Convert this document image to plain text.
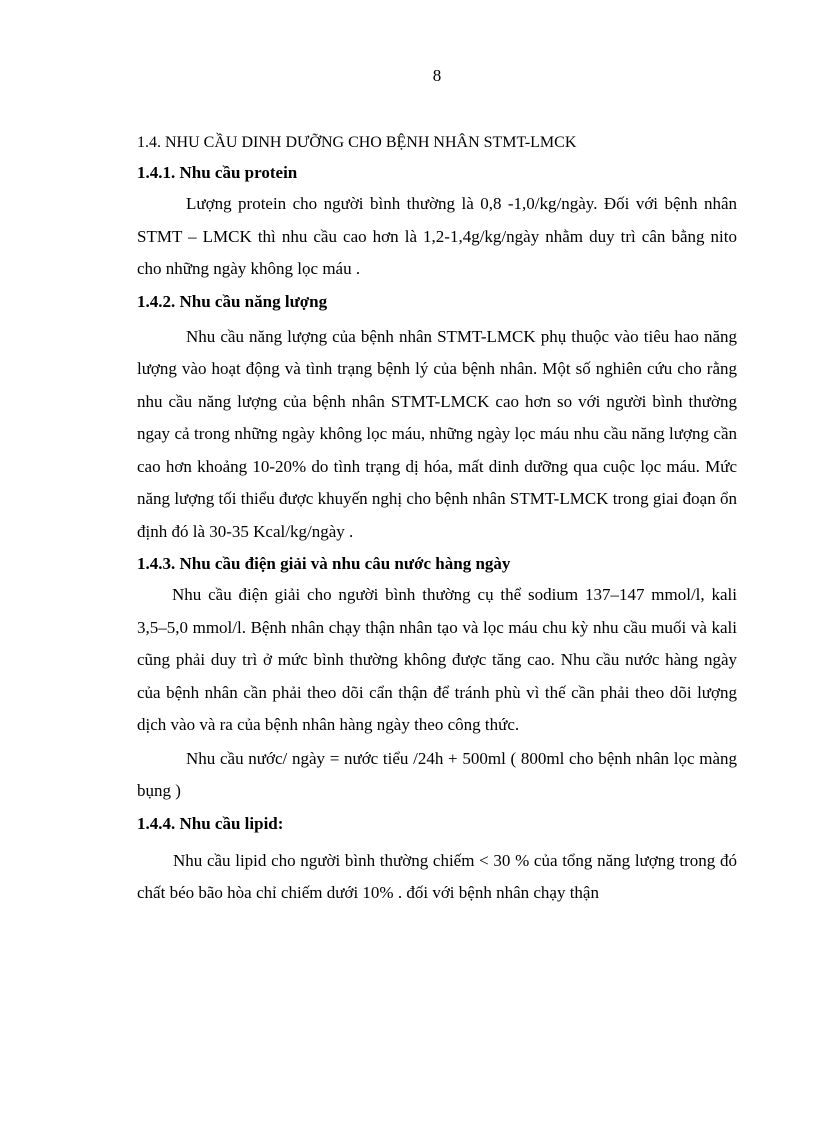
8
1.4. NHU CẦU DINH DƯỠNG CHO BỆNH NHÂN STMT-LMCK
1.4.1. Nhu cầu protein

Lượng protein cho người bình thường là 0,8 -1,0/kg/ngày. Đối với bệnh nhân STMT – LMCK thì nhu cầu cao hơn là 1,2-1,4g/kg/ngày nhằm duy trì cân bằng nito cho những ngày không lọc máu .

1.4.2. Nhu cầu năng lượng

Nhu cầu năng lượng của bệnh nhân STMT-LMCK phụ thuộc vào tiêu hao năng lượng vào hoạt động và tình trạng bệnh lý của bệnh nhân. Một số nghiên cứu cho rằng nhu cầu năng lượng của bệnh nhân STMT-LMCK cao hơn so với người bình thường ngay cả trong những ngày không lọc máu, những ngày lọc máu nhu cầu năng lượng cần cao hơn khoảng 10-20% do tình trạng dị hóa, mất dinh dưỡng qua cuộc lọc máu. Mức năng lượng tối thiểu được khuyến nghị cho bệnh nhân STMT-LMCK trong giai đoạn ổn định đó là 30-35 Kcal/kg/ngày .

1.4.3. Nhu cầu điện giải và nhu câu nước hàng ngày

Nhu cầu điện giải cho người bình thường cụ thể sodium 137–147 mmol/l, kali 3,5–5,0 mmol/l. Bệnh nhân chạy thận nhân tạo và lọc máu chu kỳ nhu cầu muối và kali cũng phải duy trì ở mức bình thường không được tăng cao. Nhu cầu nước hàng ngày của bệnh nhân cần phải theo dõi cẩn thận để tránh phù vì thế cần phải theo dõi lượng dịch vào và ra của bệnh nhân hàng ngày theo công thức.

Nhu cầu nước/ ngày = nước tiểu /24h + 500ml ( 800ml cho bệnh nhân lọc màng bụng )

1.4.4. Nhu cầu lipid:

Nhu cầu lipid cho người bình thường chiếm < 30 % của tổng năng lượng trong đó chất béo bão hòa chỉ chiếm dưới 10% . đối với bệnh nhân chạy thận
